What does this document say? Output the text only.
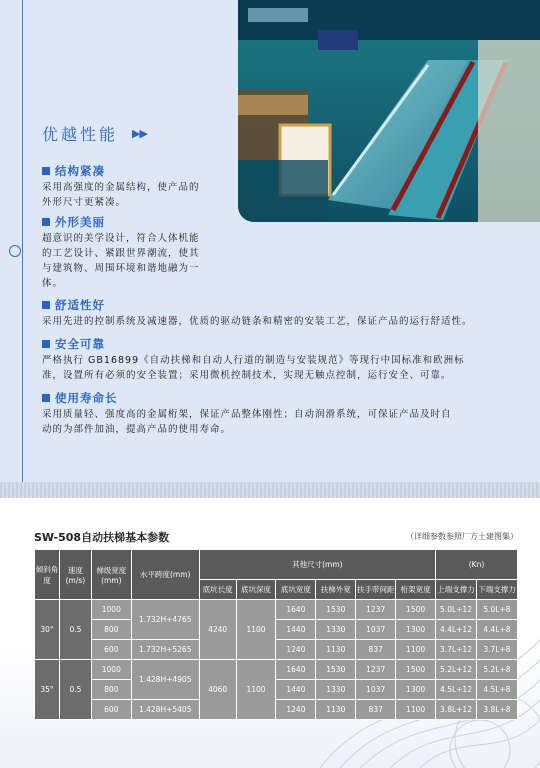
优越性能 ▶▶
结构紧凑
采用高强度的金属结构，使产品的
外形尺寸更紧凑。
外形美丽
超意识的美学设计，符合人体机能
的工艺设计、紧跟世界潮流，使其
与建筑物、周围环境和谐地融为一
体。
舒适性好
采用先进的控制系统及减速器，优质的驱动链条和精密的安装工艺，保证产品的运行舒适性。
安全可靠
严格执行 GB16899《自动扶梯和自动人行道的制造与安装规范》等现行中国标准和欧洲标
准，设置所有必须的安全装置；采用微机控制技术，实现无触点控制，运行安全、可靠。
使用寿命长
采用质量轻、强度高的金属桁架，保证产品整体刚性；自动润滑系统，可保证产品及时自
动的为部件加油，提高产品的使用寿命。
SW-508自动扶梯基本参数	（详细参数参照厂方土建图集）
倾斜角度	速度(m/s)	梯级宽度(mm)	水平跨度(mm)	其他尺寸(mm)						(Kn)	
				底坑长度	底坑深度	底坑宽度	扶梯外宽	扶手带间距	桁架宽度	上端支撑力	下端支撑力
30°	0.5	1000	1.732H+4765	4240	1100	1640	1530	1237	1500	5.0L+12	5.0L+8
		800				1440	1330	1037	1300	4.4L+12	4.4L+8
		600	1.732H+5265			1240	1130	837	1100	3.7L+12	3.7L+8
35°	0.5	1000	1.428H+4905	4060	1100	1640	1530	1237	1500	5.2L+12	5.2L+8
		800				1440	1330	1037	1300	4.5L+12	4.5L+8
		600	1.428H+5405			1240	1130	837	1100	3.8L+12	3.8L+8
